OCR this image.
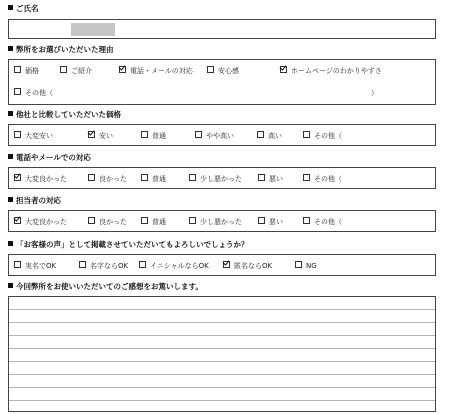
ご氏名
弊所をお選びいただいた理由
価格	ご紹介	電話・メールの対応	安心感	ホームページのわかりやすさ
その他（	）
他社と比較していただいた価格
大変安い	安い	普通	やや高い	高い	その他（
電話やメールでの対応
大変良かった	良かった	普通	少し悪かった	悪い	その他（
担当者の対応
大変良かった	良かった	普通	少し悪かった	悪い	その他（
「お客様の声」として掲載させていただいてもよろしいでしょうか？
実名でOK	名字ならOK	イニシャルならOK	匿名ならOK	NG
今回弊所をお使いいただいてのご感想をお篤いします。
